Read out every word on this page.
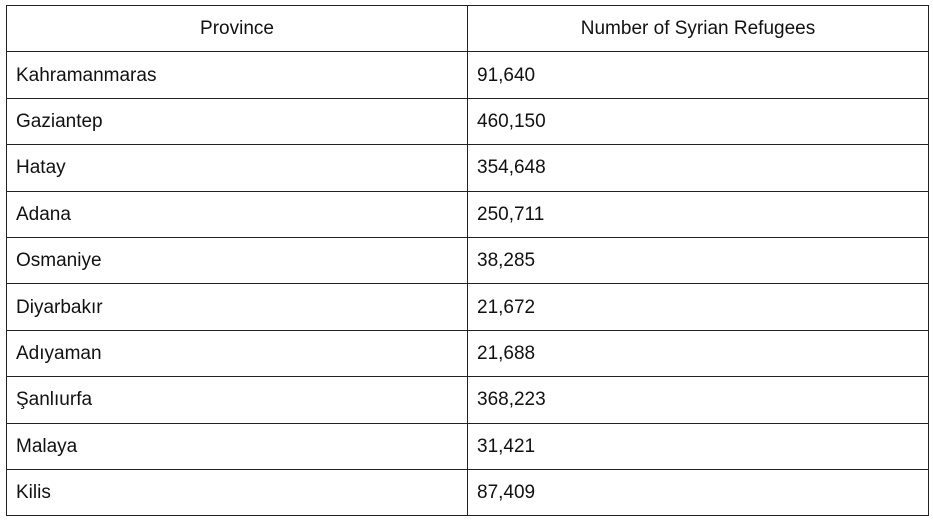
Province	Number of Syrian Refugees
Kahramanmaras	91,640
Gaziantep	460,150
Hatay	354,648
Adana	250,711
Osmaniye	38,285
Diyarbakır	21,672
Adıyaman	21,688
Şanlıurfa	368,223
Malaya	31,421
Kilis	87,409
